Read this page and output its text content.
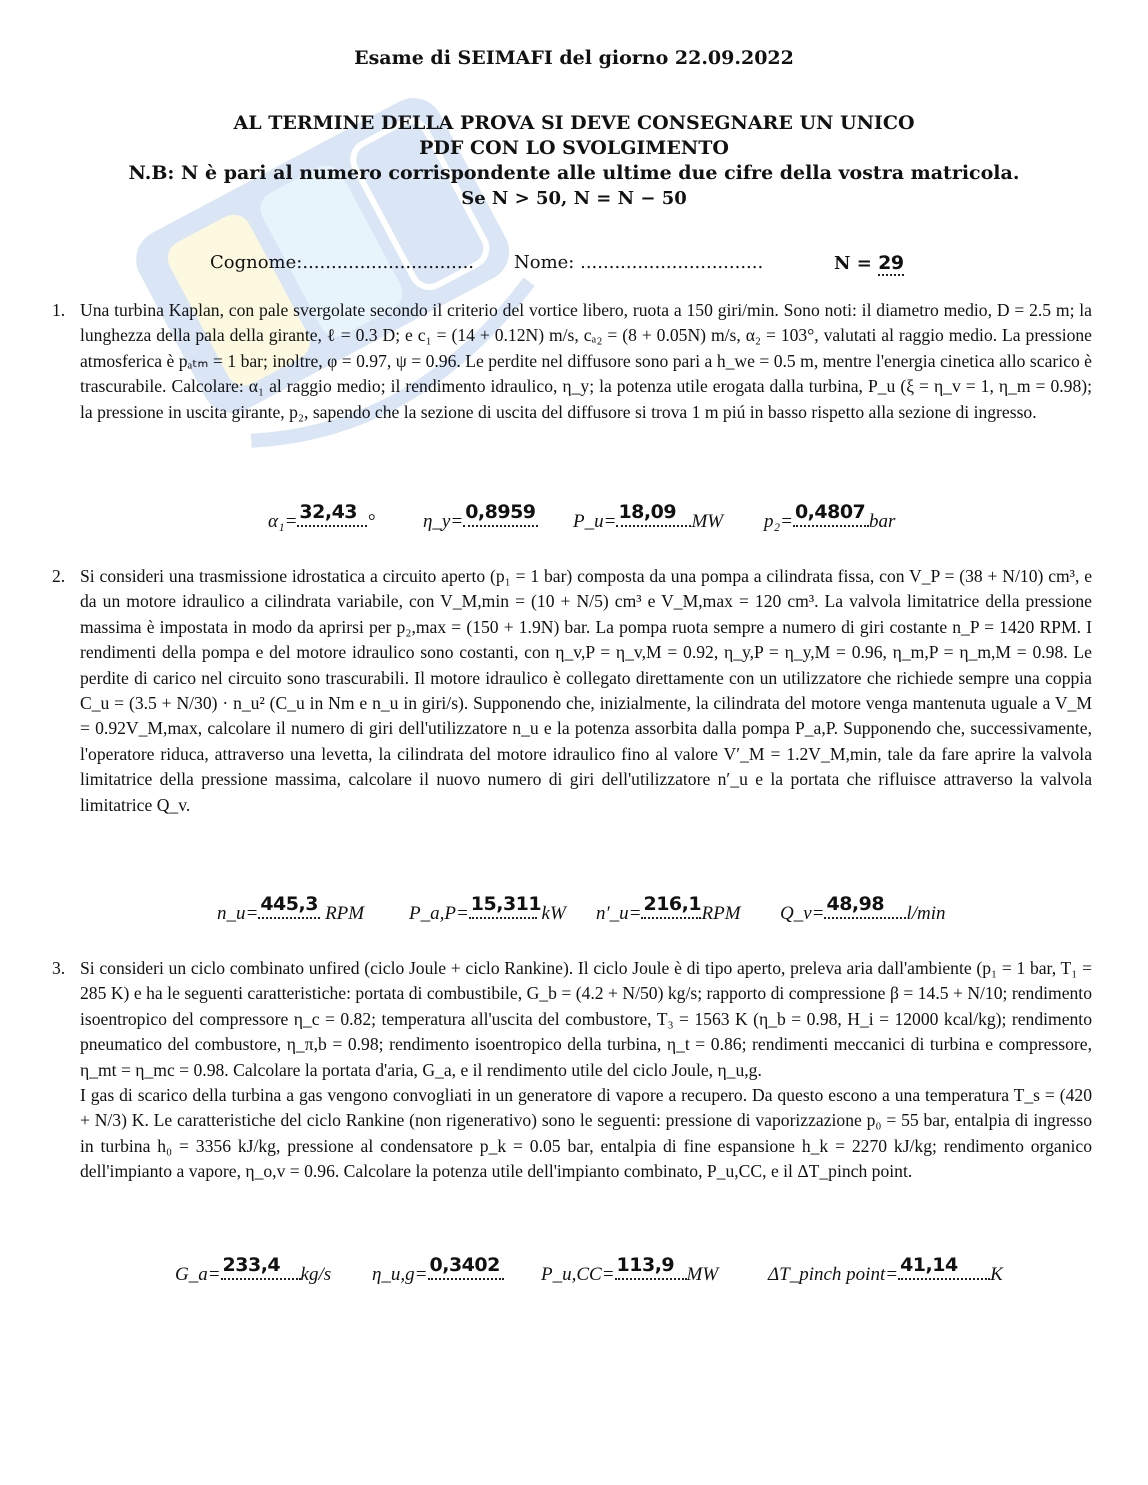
Esame di SEIMAFI del giorno 22.09.2022
AL TERMINE DELLA PROVA SI DEVE CONSEGNARE UN UNICO
PDF CON LO SVOLGIMENTO
N.B: N è pari al numero corrispondente alle ultime due cifre della vostra matricola.
Se N > 50, N = N − 50
Cognome:.............................. Nome: ................................	N = 29
1. Una turbina Kaplan, con pale svergolate secondo il criterio del vortice libero, ruota a 150 giri/min. Sono noti: il diametro medio, D = 2.5 m; la lunghezza della pala della girante, ℓ = 0.3 D; e c₁ = (14 + 0.12N) m/s, cₐ₂ = (8 + 0.05N) m/s, α₂ = 103°, valutati al raggio medio. La pressione atmosferica è pₐₜₘ = 1 bar; inoltre, φ = 0.97, ψ = 0.96. Le perdite nel diffusore sono pari a h_we = 0.5 m, mentre l'energia cinetica allo scarico è trascurabile. Calcolare: α₁ al raggio medio; il rendimento idraulico, η_y; la potenza utile erogata dalla turbina, P_u (ξ = η_v = 1, η_m = 0.98); la pressione in uscita girante, p₂, sapendo che la sezione di uscita del diffusore si trova 1 m piú in basso rispetto alla sezione di ingresso.
α₁= 32,43 °	η_y= 0,8959 P_u= 18,09 MW p₂= 0,4807 bar
2. Si consideri una trasmissione idrostatica a circuito aperto (p₁ = 1 bar) composta da una pompa a cilindrata fissa, con V_P = (38 + N/10) cm³, e da un motore idraulico a cilindrata variabile, con V_M,min = (10 + N/5) cm³ e V_M,max = 120 cm³. La valvola limitatrice della pressione massima è impostata in modo da aprirsi per p₂,max = (150 + 1.9N) bar. La pompa ruota sempre a numero di giri costante n_P = 1420 RPM. I rendimenti della pompa e del motore idraulico sono costanti, con η_v,P = η_v,M = 0.92, η_y,P = η_y,M = 0.96, η_m,P = η_m,M = 0.98. Le perdite di carico nel circuito sono trascurabili. Il motore idraulico è collegato direttamente con un utilizzatore che richiede sempre una coppia C_u = (3.5 + N/30) · n_u² (C_u in Nm e n_u in giri/s). Supponendo che, inizialmente, la cilindrata del motore venga mantenuta uguale a V_M = 0.92V_M,max, calcolare il numero di giri dell'utilizzatore n_u e la potenza assorbita dalla pompa P_a,P. Supponendo che, successivamente, l'operatore riduca, attraverso una levetta, la cilindrata del motore idraulico fino al valore V′_M = 1.2V_M,min, tale da fare aprire la valvola limitatrice della pressione massima, calcolare il nuovo numero di giri dell'utilizzatore n′_u e la portata che rifluisce attraverso la valvola limitatrice Q_v.
n_u= 445,3 RPM P_a,P= 15,311 kW n′_u= 216,1 RPM Q_v= 48,98 l/min
3. Si consideri un ciclo combinato unfired (ciclo Joule + ciclo Rankine). Il ciclo Joule è di tipo aperto, preleva aria dall'ambiente (p₁ = 1 bar, T₁ = 285 K) e ha le seguenti caratteristiche: portata di combustibile, G_b = (4.2 + N/50) kg/s; rapporto di compressione β = 14.5 + N/10; rendimento isoentropico del compressore η_c = 0.82; temperatura all'uscita del combustore, T₃ = 1563 K (η_b = 0.98, H_i = 12000 kcal/kg); rendimento pneumatico del combustore, η_π,b = 0.98; rendimento isoentropico della turbina, η_t = 0.86; rendimenti meccanici di turbina e compressore, η_mt = η_mc = 0.98. Calcolare la portata d'aria, G_a, e il rendimento utile del ciclo Joule, η_u,g.
I gas di scarico della turbina a gas vengono convogliati in un generatore di vapore a recupero. Da questo escono a una temperatura T_s = (420 + N/3) K. Le caratteristiche del ciclo Rankine (non rigenerativo) sono le seguenti: pressione di vaporizzazione p₀ = 55 bar, entalpia di ingresso in turbina h₀ = 3356 kJ/kg, pressione al condensatore p_k = 0.05 bar, entalpia di fine espansione h_k = 2270 kJ/kg; rendimento organico dell'impianto a vapore, η_o,v = 0.96. Calcolare la potenza utile dell'impianto combinato, P_u,CC, e il ΔT_pinch point.
G_a= 233,4 kg/s η_u,g= 0,3402 P_u,CC= 113,9 MW	ΔT_pinch point= 41,14 K
